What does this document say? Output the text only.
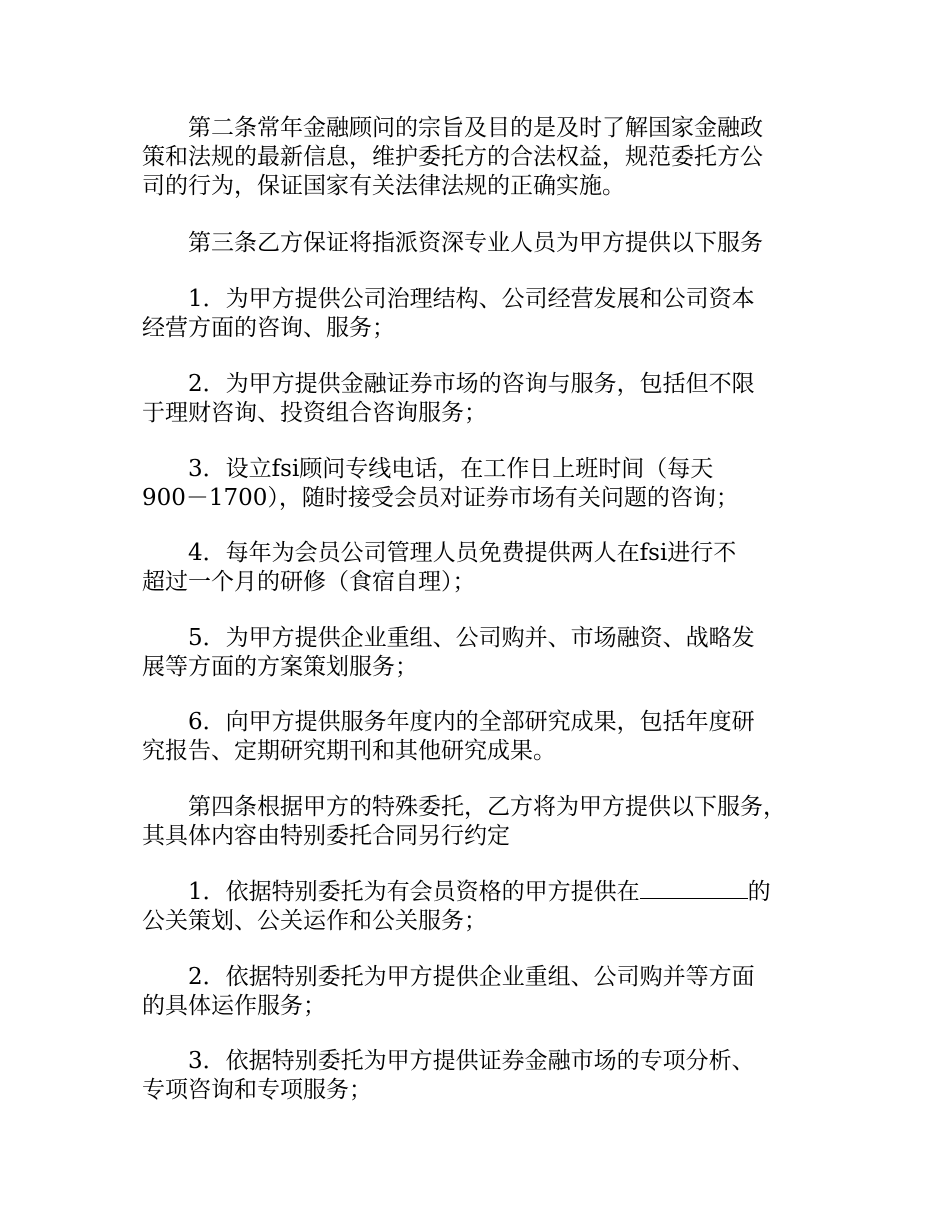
第二条常年金融顾问的宗旨及目的是及时了解国家金融政
策和法规的最新信息，维护委托方的合法权益，规范委托方公
司的行为，保证国家有关法律法规的正确实施。
第三条乙方保证将指派资深专业人员为甲方提供以下服务
1．为甲方提供公司治理结构、公司经营发展和公司资本
经营方面的咨询、服务；
2．为甲方提供金融证券市场的咨询与服务，包括但不限
于理财咨询、投资组合咨询服务；
3．设立fsi顾问专线电话，在工作日上班时间（每天
900－1700），随时接受会员对证券市场有关问题的咨询；
4．每年为会员公司管理人员免费提供两人在fsi进行不
超过一个月的研修（食宿自理）；
5．为甲方提供企业重组、公司购并、市场融资、战略发
展等方面的方案策划服务；
6．向甲方提供服务年度内的全部研究成果，包括年度研
究报告、定期研究期刊和其他研究成果。
第四条根据甲方的特殊委托，乙方将为甲方提供以下服务，
其具体内容由特别委托合同另行约定
1．依据特别委托为有会员资格的甲方提供在	的
公关策划、公关运作和公关服务；
2．依据特别委托为甲方提供企业重组、公司购并等方面
的具体运作服务；
3．依据特别委托为甲方提供证券金融市场的专项分析、
专项咨询和专项服务；
